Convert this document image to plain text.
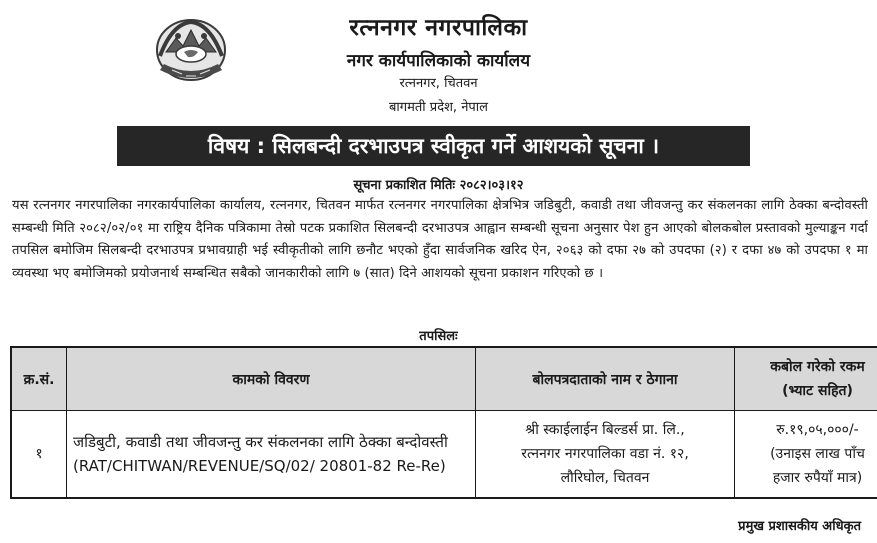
रत्ननगर नगरपालिका
नगर कार्यपालिकाको कार्यालय
रत्ननगर, चितवन
बागमती प्रदेश, नेपाल
विषय : सिलबन्दी दरभाउपत्र स्वीकृत गर्ने आशयको सूचना ।
सूचना प्रकाशित मितिः २०८२।०३।१२
यस रत्ननगर नगरपालिका नगरकार्यपालिका कार्यालय, रत्ननगर, चितवन मार्फत रत्ननगर नगरपालिका क्षेत्रभित्र जडिबुटी, कवाडी तथा जीवजन्तु कर संकलनका लागि ठेक्का बन्दोवस्ती सम्बन्धी मिति २०८२/०२/०१ मा राष्ट्रिय दैनिक पत्रिकामा तेस्रो पटक प्रकाशित सिलबन्दी दरभाउपत्र आह्वान सम्बन्धी सूचना अनुसार पेश हुन आएको बोलकबोल प्रस्तावको मुल्याङ्कन गर्दा तपसिल बमोजिम सिलबन्दी दरभाउपत्र प्रभावग्राही भई स्वीकृतीको लागि छनौट भएको हुँदा सार्वजनिक खरिद ऐन, २०६३ को दफा २७ को उपदफा (२) र दफा ४७ को उपदफा १ मा व्यवस्था भए बमोजिमको प्रयोजनार्थ सम्बन्धित सबैको जानकारीको लागि ७ (सात) दिने आशयको सूचना प्रकाशन गरिएको छ ।
तपसिलः
क्र.सं.	कामको विवरण	बोलपत्रदाताको नाम र ठेगाना	कबोल गरेको रकम
(भ्याट सहित)

१	जडिबुटी, कवाडी तथा जीवजन्तु कर संकलनका लागि ठेक्का बन्दोवस्ती (RAT/CHITWAN/REVENUE/SQ/02/ 20801-82 Re-Re)	श्री स्काईलाईन बिल्डर्स प्रा. लि.,
रत्ननगर नगरपालिका वडा नं. १२,
लौरिघोल, चितवन	रु.१९,०५,०००/-
(उनाइस लाख पाँच
हजार रुपैयाँ मात्र)
प्रमुख प्रशासकीय अधिकृत
